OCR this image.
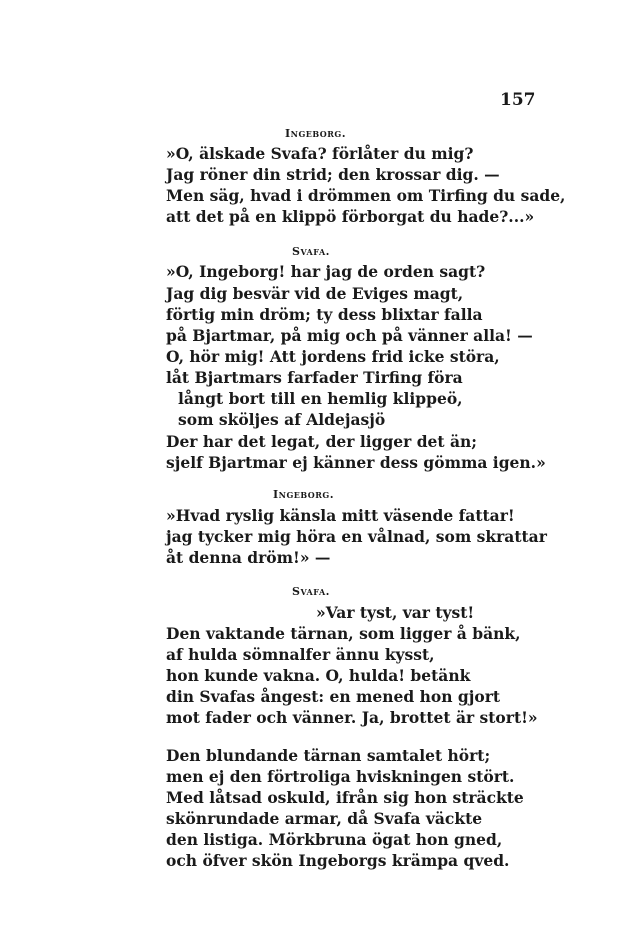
157
Ingeborg.
»O, älskade Svafa? förlåter du mig?
Jag röner din strid; den krossar dig. —
Men säg, hvad i drömmen om Tirfing du sade,
att det på en klippö förborgat du hade?...»
Svafa.
»O, Ingeborg! har jag de orden sagt?
Jag dig besvär vid de Eviges magt,
förtig min dröm; ty dess blixtar falla
på Bjartmar, på mig och på vänner alla! —
O, hör mig! Att jordens frid icke störa,
låt Bjartmars farfader Tirfing föra
långt bort till en hemlig klippeö,
som sköljes af Aldejasjö
Der har det legat, der ligger det än;
sjelf Bjartmar ej känner dess gömma igen.»
Ingeborg.
»Hvad ryslig känsla mitt väsende fattar!
jag tycker mig höra en vålnad, som skrattar
åt denna dröm!» —
Svafa.
»Var tyst, var tyst!
Den vaktande tärnan, som ligger å bänk,
af hulda sömnalfer ännu kysst,
hon kunde vakna. O, hulda! betänk
din Svafas ångest: en mened hon gjort
mot fader och vänner. Ja, brottet är stort!»
Den blundande tärnan samtalet hört;
men ej den förtroliga hviskningen stört.
Med låtsad oskuld, ifrån sig hon sträckte
skönrundade armar, då Svafa väckte
den listiga. Mörkbruna ögat hon gned,
och öfver skön Ingeborgs krämpa qved.
